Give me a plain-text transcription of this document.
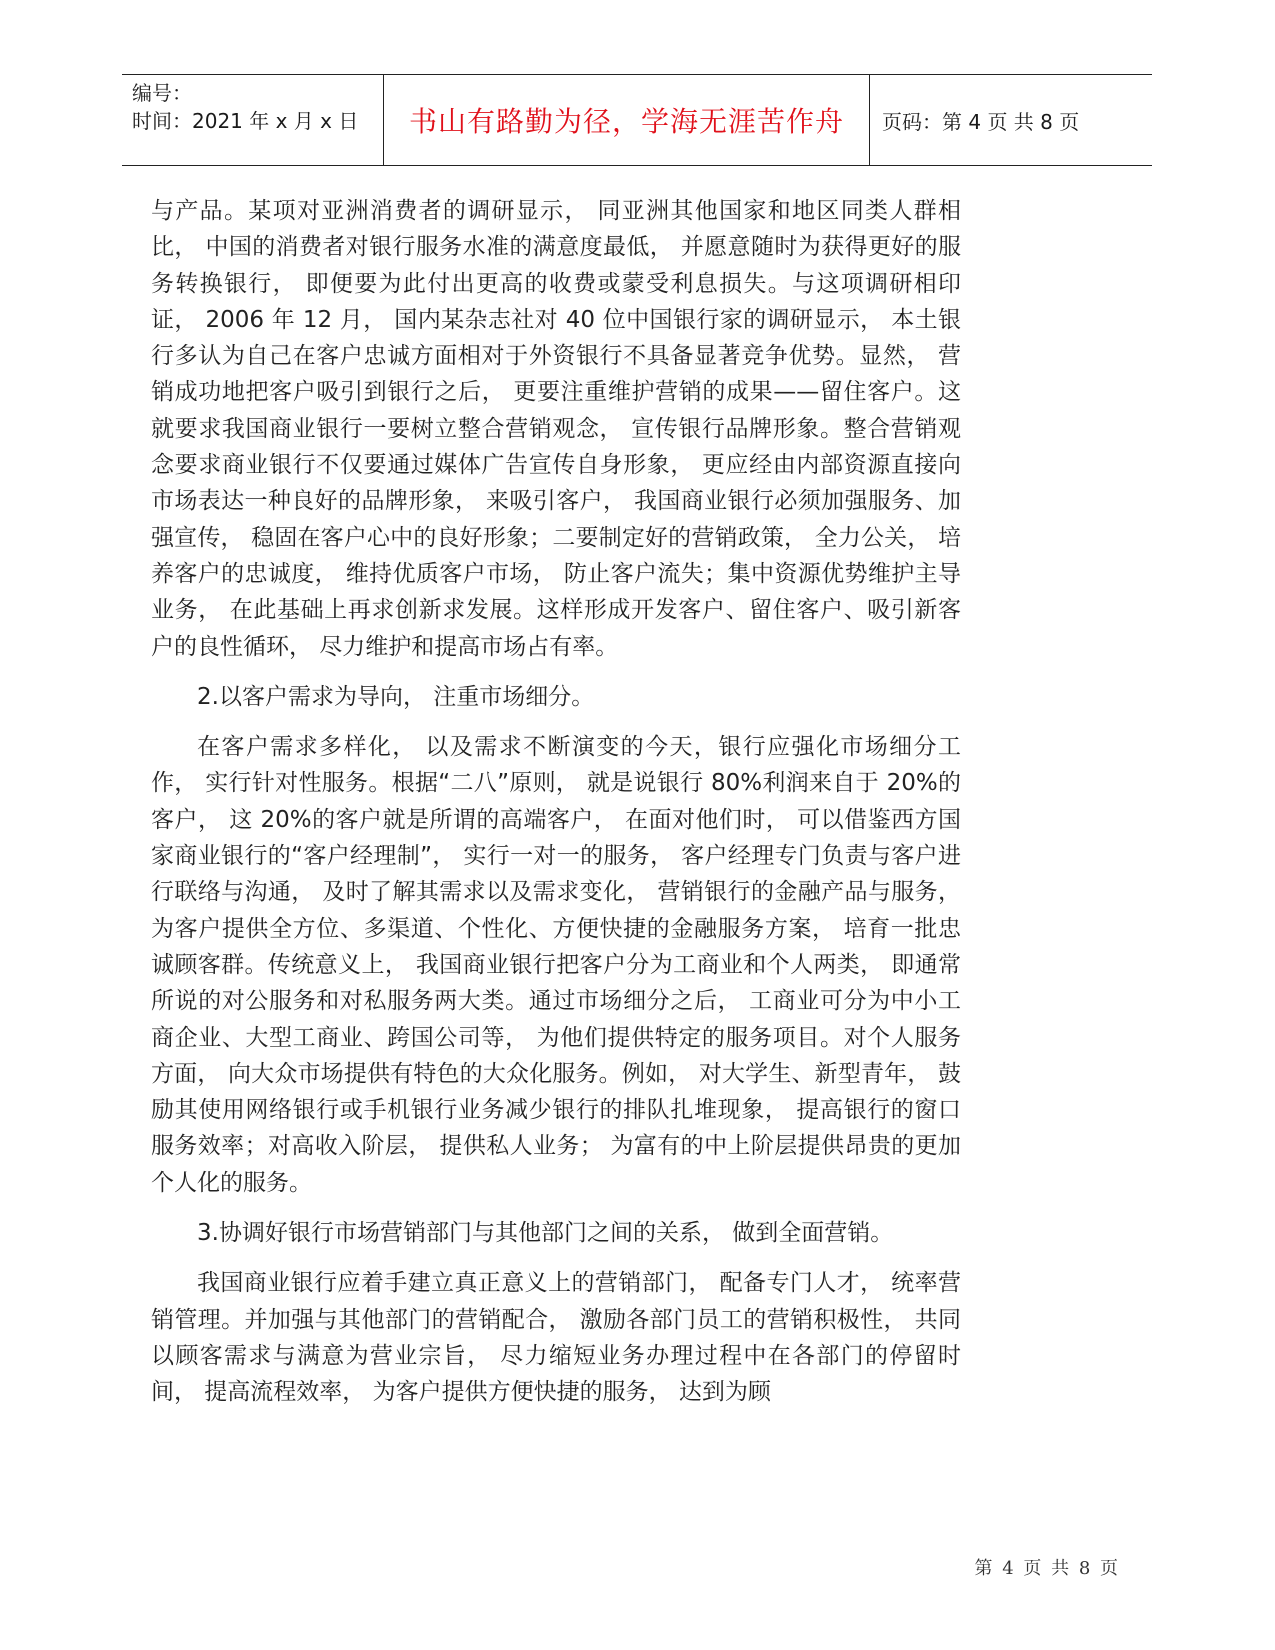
编号：
时间：2021 年 x 月 x 日	书山有路勤为径，学海无涯苦作舟	页码：第 4 页 共 8 页

与产品。某项对亚洲消费者的调研显示， 同亚洲其他国家和地区同类人群相比， 中国的消费者对银行服务水准的满意度最低， 并愿意随时为获得更好的服务转换银行， 即便要为此付出更高的收费或蒙受利息损失。与这项调研相印证， 2006 年 12 月， 国内某杂志社对 40 位中国银行家的调研显示， 本土银行多认为自己在客户忠诚方面相对于外资银行不具备显著竞争优势。显然， 营销成功地把客户吸引到银行之后， 更要注重维护营销的成果——留住客户。这就要求我国商业银行一要树立整合营销观念， 宣传银行品牌形象。整合营销观念要求商业银行不仅要通过媒体广告宣传自身形象， 更应经由内部资源直接向市场表达一种良好的品牌形象， 来吸引客户， 我国商业银行必须加强服务、加强宣传， 稳固在客户心中的良好形象；二要制定好的营销政策， 全力公关， 培养客户的忠诚度， 维持优质客户市场， 防止客户流失；集中资源优势维护主导业务， 在此基础上再求创新求发展。这样形成开发客户、留住客户、吸引新客户的良性循环， 尽力维护和提高市场占有率。

2.以客户需求为导向， 注重市场细分。

在客户需求多样化， 以及需求不断演变的今天，银行应强化市场细分工作， 实行针对性服务。根据“二八”原则， 就是说银行 80%利润来自于 20%的客户， 这 20%的客户就是所谓的高端客户， 在面对他们时， 可以借鉴西方国家商业银行的“客户经理制”， 实行一对一的服务， 客户经理专门负责与客户进行联络与沟通， 及时了解其需求以及需求变化， 营销银行的金融产品与服务， 为客户提供全方位、多渠道、个性化、方便快捷的金融服务方案， 培育一批忠诚顾客群。传统意义上， 我国商业银行把客户分为工商业和个人两类， 即通常所说的对公服务和对私服务两大类。通过市场细分之后， 工商业可分为中小工商企业、大型工商业、跨国公司等， 为他们提供特定的服务项目。对个人服务方面， 向大众市场提供有特色的大众化服务。例如， 对大学生、新型青年， 鼓励其使用网络银行或手机银行业务减少银行的排队扎堆现象， 提高银行的窗口服务效率；对高收入阶层， 提供私人业务； 为富有的中上阶层提供昂贵的更加个人化的服务。

3.协调好银行市场营销部门与其他部门之间的关系， 做到全面营销。

我国商业银行应着手建立真正意义上的营销部门， 配备专门人才， 统率营销管理。并加强与其他部门的营销配合， 激励各部门员工的营销积极性， 共同以顾客需求与满意为营业宗旨， 尽力缩短业务办理过程中在各部门的停留时间， 提高流程效率， 为客户提供方便快捷的服务， 达到为顾

第 4 页 共 8 页
